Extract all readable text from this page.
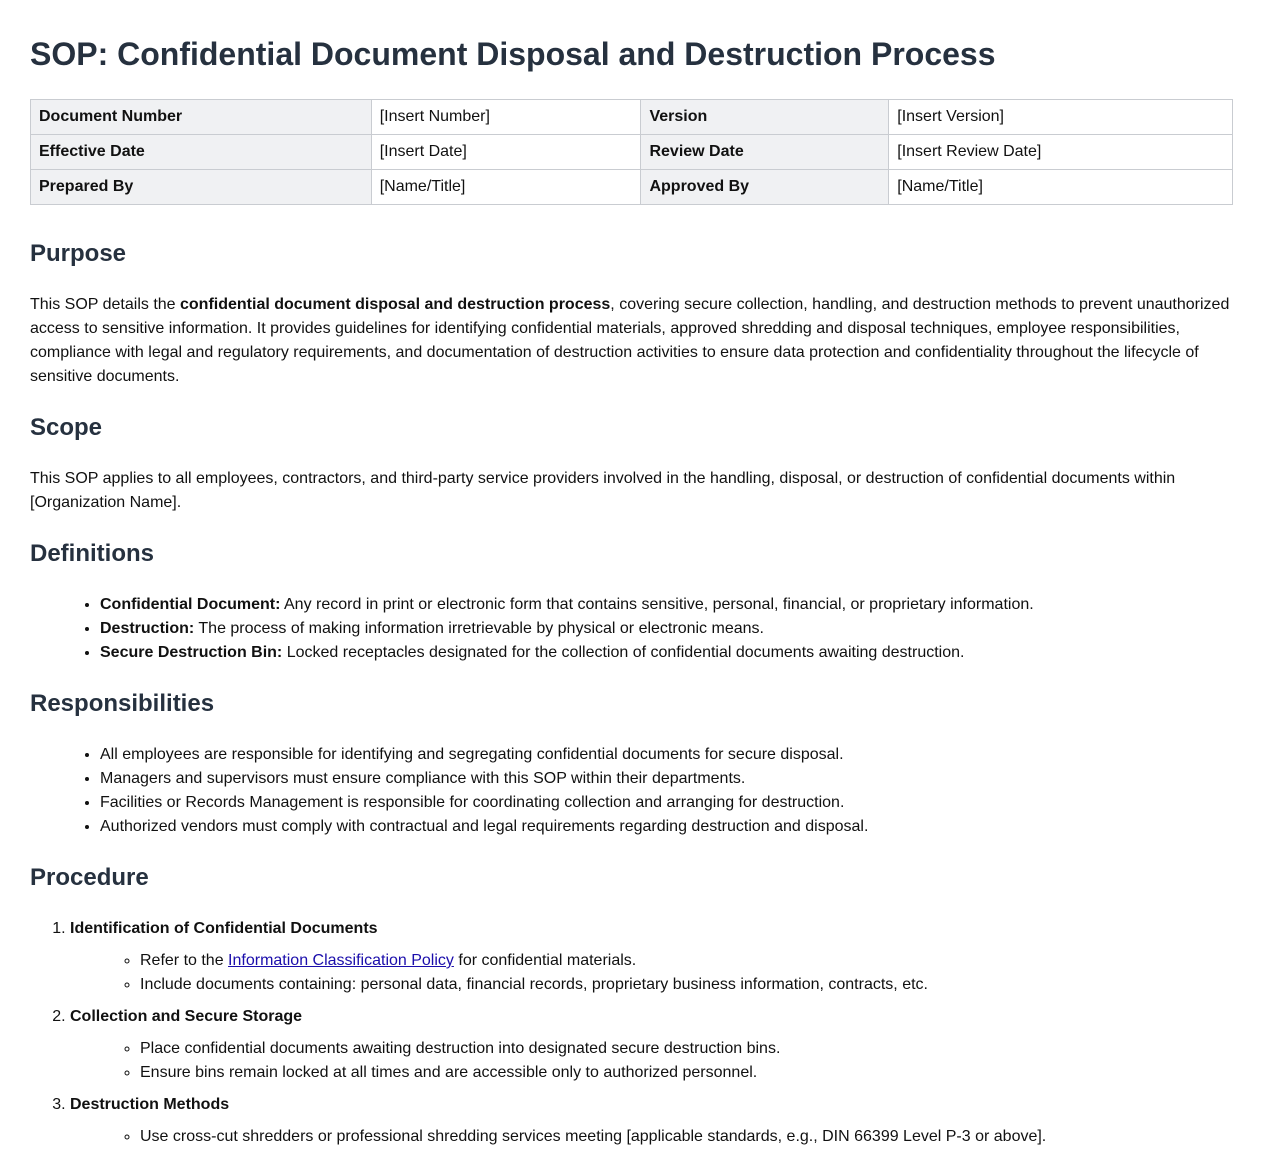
SOP: Confidential Document Disposal and Destruction Process
Document Number	[Insert Number]	Version	[Insert Version]
Effective Date	[Insert Date]	Review Date	[Insert Review Date]
Prepared By	[Name/Title]	Approved By	[Name/Title]
Purpose

This SOP details the confidential document disposal and destruction process, covering secure collection, handling, and destruction methods to prevent unauthorized access to sensitive information. It provides guidelines for identifying confidential materials, approved shredding and disposal techniques, employee responsibilities, compliance with legal and regulatory requirements, and documentation of destruction activities to ensure data protection and confidentiality throughout the lifecycle of sensitive documents.

Scope

This SOP applies to all employees, contractors, and third-party service providers involved in the handling, disposal, or destruction of confidential documents within [Organization Name].

Definitions
• Confidential Document: Any record in print or electronic form that contains sensitive, personal, financial, or proprietary information.
• Destruction: The process of making information irretrievable by physical or electronic means.
• Secure Destruction Bin: Locked receptacles designated for the collection of confidential documents awaiting destruction.
Responsibilities
• All employees are responsible for identifying and segregating confidential documents for secure disposal.
• Managers and supervisors must ensure compliance with this SOP within their departments.
• Facilities or Records Management is responsible for coordinating collection and arranging for destruction.
• Authorized vendors must comply with contractual and legal requirements regarding destruction and disposal.
Procedure
1. Identification of Confidential Documents
◦ Refer to the Information Classification Policy for confidential materials.
◦ Include documents containing: personal data, financial records, proprietary business information, contracts, etc.
2. Collection and Secure Storage
◦ Place confidential documents awaiting destruction into designated secure destruction bins.
◦ Ensure bins remain locked at all times and are accessible only to authorized personnel.
3. Destruction Methods
◦ Use cross-cut shredders or professional shredding services meeting [applicable standards, e.g., DIN 66399 Level P-3 or above].
